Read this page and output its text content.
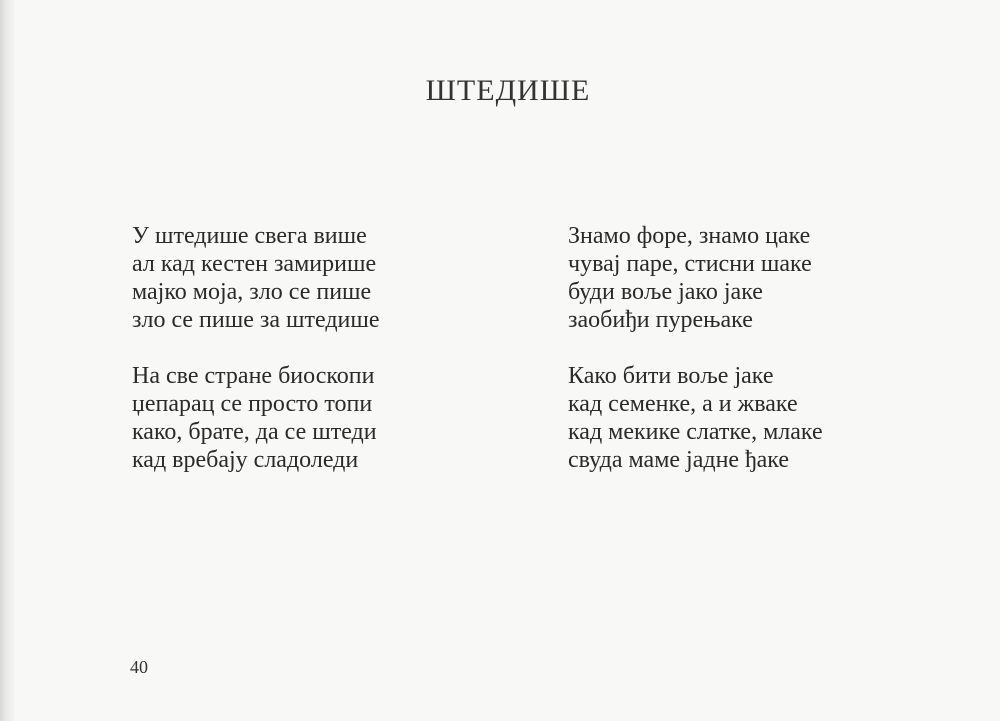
ШТЕДИШЕ

У штедише свега више
ал кад кестен замирише
мајко моја, зло се пише
зло се пише за штедише

На све стране биоскопи
џепарац се просто топи
како, брате, да се штеди
кад вребају сладоледи

Знамо форе, знамо цаке
чувај паре, стисни шаке
буди воље јако јаке
заобиђи пурењаке

Како бити воље јаке
кад семенке, а и жваке
кад мекике слатке, млаке
свуда маме јадне ђаке

40
